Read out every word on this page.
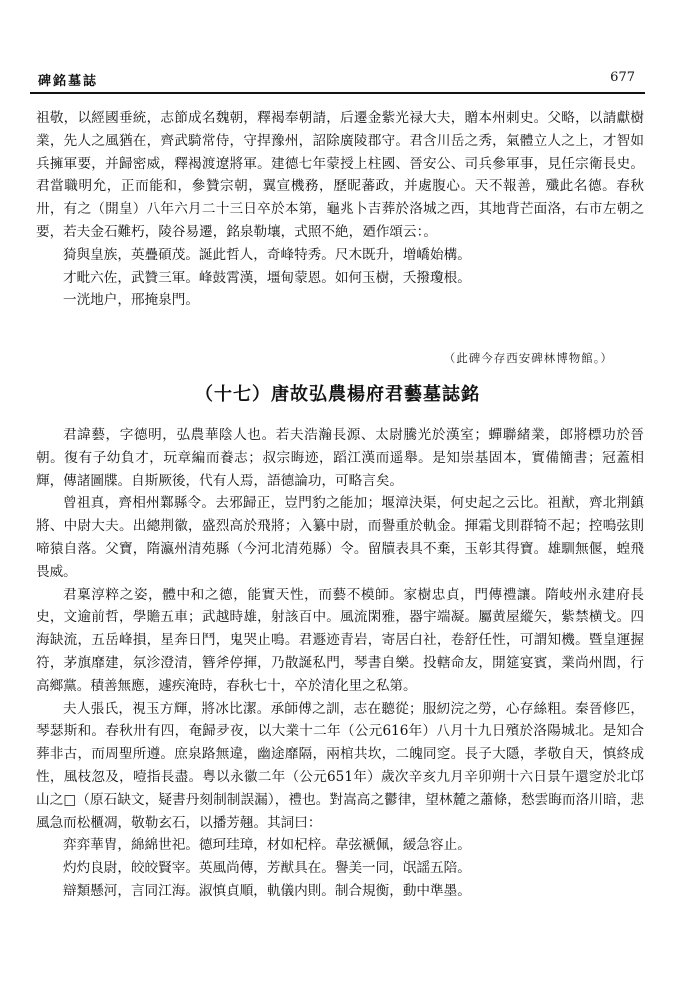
碑銘墓誌	677

祖敬，以經國垂統，志節成名魏朝，釋褐奉朝請，后遷金紫光禄大夫，贈本州刺史。父略，以請獻樹業，先人之風猶在，齊武騎常侍，守捍豫州，詔除廣陵郡守。君含川岳之秀，氣體立人之上，才智如兵擁軍要，并歸密威，釋褐渡遼將軍。建德七年蒙授上柱國、晉安公、司兵參軍事，見任宗衛長史。君當職明允，正而能和，參贊宗朝，翼宣機務，歷昵蕃政，并處腹心。天不報善，殲此名德。春秋卅，有之（開皇）八年六月二十三日卒於本第，龜兆卜吉葬於洛城之西，其地背芒面洛，右市左朝之要，若夫金石難朽，陵谷易遷，銘泉勒壤，式照不絶，廼作頌云：。

猗與皇族，英疊碩茂。誕此哲人，奇峰特秀。尺木既升，增嶠始構。

才毗六佐，武贊三軍。峰鼓霄漢，壃甸蒙恩。如何玉樹，夭撥瓊根。

一洸地户，邢掩泉門。

（此碑今存西安碑林博物館。）
（十七）唐故弘農楊府君藝墓誌銘

君諱藝，字德明，弘農華陰人也。若夫浩瀚長源、太尉騰光於漢室；蟬聯緒業，郎將標功於晉朝。復有子幼負才，玩章編而養志；叔宗晦迹，蹈江漢而遥舉。是知崇基固本，實備簡書；冠蓋相輝，傳諸圖牒。自斯厥後，代有人焉，語德論功，可略言矣。

曾祖真，齊相州鄴縣令。去邪歸正，豈門豹之能加；堰漳決渠，何史起之云比。祖猷，齊北荆鎮將、中尉大夫。出總荆徽，盛烈高於飛將；入纂中尉，而譽重於軌金。揮霜戈則群犄不起；控鳴弦則啼猿自落。父寶，隋瀛州清苑縣（今河北清苑縣）令。留牘表具不棄，玉彰其得寶。雄馴無偃，蝗飛畏威。

君稟淳粹之姿，體中和之德，能實天性，而藝不模師。家樹忠貞，門傳禮讓。隋岐州永建府長史，文逾前哲，學贍五車；武越時雄，射該百中。風流閑雅，器宇端凝。屬黄屋縱矢，紫禁横戈。四海缺流，五岳峰損，星奔日鬥，鬼哭止鳴。君遯迹青岩，寄居白社，卷舒任性，可謂知機。暨皇運握符，茅旗靡建，氛沴澄清，簪斧停揮，乃散誕私門，琴書自樂。投轄命友，開筵宴賓，業尚州閭，行高鄉黨。積善無應，遽疾淹時，春秋七十，卒於清化里之私第。

夫人張氏，視玉方輝，將冰比潔。承師傅之訓，志在聽從；服紉浣之勞，心存絲粗。秦晉修匹，琴瑟斯和。春秋卅有四，奄歸夛夜，以大業十二年（公元616年）八月十九日殯於洛陽城北。是知合葬非古，而周聖所遵。庶泉路無違，幽途靡隔，兩棺共坎，二魄同窆。長子大隱，孝敬自天，慎終成性，風枝忽及，噎指長盡。粤以永徽二年（公元651年）歲次辛亥九月辛卯朔十六日景午還窆於北邙山之□（原石缺文，疑書丹刻制制誤漏），禮也。對嵩高之鬱律，望林麓之蕭條，愁雲晦而洛川暗，悲風急而松櫃凋，敬勒玄石，以播芳翹。其詞曰：

弈弈華胄，綿綿世祀。德珂珪璋，材如杞梓。韋弦褫佩，緩急容止。

灼灼良尉，皎皎賢宰。英風尚傳，芳猷具在。譽美一同，氓謡五陪。

辯類懸河，言同江海。淑慎貞順，軌儀内則。制合規衡，動中準墨。
